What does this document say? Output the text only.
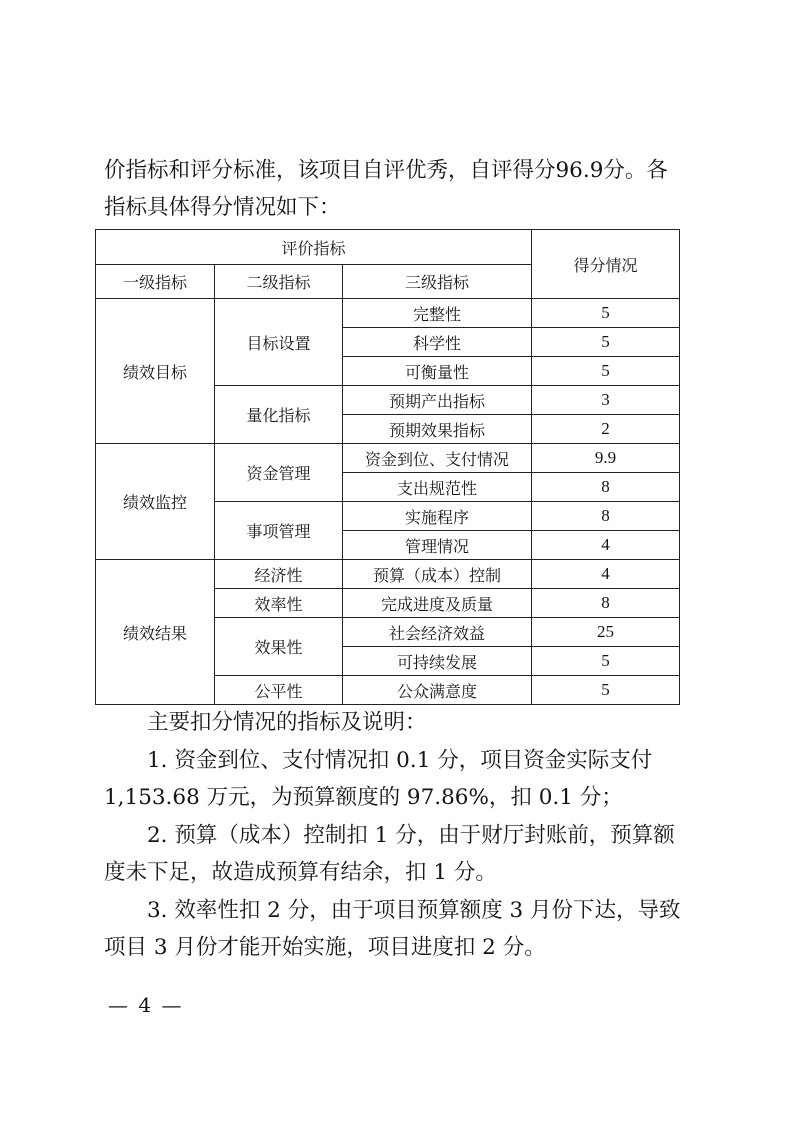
价指标和评分标准，该项目自评优秀，自评得分96.9分。各
指标具体得分情况如下：
评价指标			得分情况
一级指标	二级指标	三级指标	
绩效目标	目标设置	完整性	5
		科学性	5
		可衡量性	5
	量化指标	预期产出指标	3
		预期效果指标	2
绩效监控	资金管理	资金到位、支付情况	9.9
		支出规范性	8
	事项管理	实施程序	8
		管理情况	4
绩效结果	经济性	预算（成本）控制	4
	效率性	完成进度及质量	8
	效果性	社会经济效益	25
		可持续发展	5
	公平性	公众满意度	5

主要扣分情况的指标及说明：

1. 资金到位、支付情况扣 0.1 分，项目资金实际支付

1,153.68 万元，为预算额度的 97.86%，扣 0.1 分；

2. 预算（成本）控制扣 1 分，由于财厅封账前，预算额

度未下足，故造成预算有结余，扣 1 分。

3. 效率性扣 2 分，由于项目预算额度 3 月份下达，导致

项目 3 月份才能开始实施，项目进度扣 2 分。

— 4 —
